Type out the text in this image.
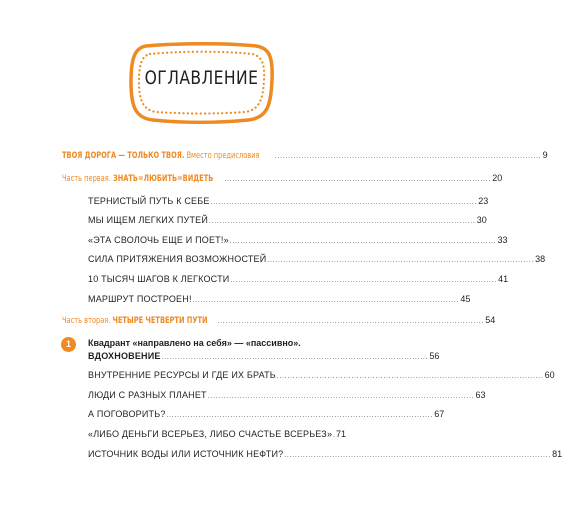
ОГЛАВЛЕНИЕ
ТВОЯ ДОРОГА — ТОЛЬКО ТВОЯ. Вместо предисловия	.................................................................................................... 9
Часть первая. ЗНАТЬ=ЛЮБИТЬ=ВИДЕТЬ .................................................................................................... 20
ТЕРНИСТЫЙ ПУТЬ К СЕБЕ .................................................................................................... 23
МЫ ИЩЕМ ЛЕГКИХ ПУТЕЙ .................................................................................................... 30
«ЭТА СВОЛОЧЬ ЕЩЕ И ПОЕТ!» .................................................................................................... 33
СИЛА ПРИТЯЖЕНИЯ ВОЗМОЖНОСТЕЙ .................................................................................................... 38
10 ТЫСЯЧ ШАГОВ К ЛЕГКОСТИ .................................................................................................... 41
МАРШРУТ ПОСТРОЕН! .................................................................................................... 45
Часть вторая. ЧЕТЫРЕ ЧЕТВЕРТИ ПУТИ .................................................................................................... 54
1	Квадрант «направлено на себя» — «пассивно».
ВДОХНОВЕНИЕ .................................................................................................... 56
ВНУТРЕННИЕ РЕСУРСЫ И ГДЕ ИХ БРАТЬ .................................................................................................... 60
ЛЮДИ С РАЗНЫХ ПЛАНЕТ .................................................................................................... 63
А ПОГОВОРИТЬ? .................................................................................................... 67
«ЛИБО ДЕНЬГИ ВСЕРЬЕЗ, ЛИБО СЧАСТЬЕ ВСЕРЬЕЗ» 71
ИСТОЧНИК ВОДЫ ИЛИ ИСТОЧНИК НЕФТИ? .................................................................................................... 81
